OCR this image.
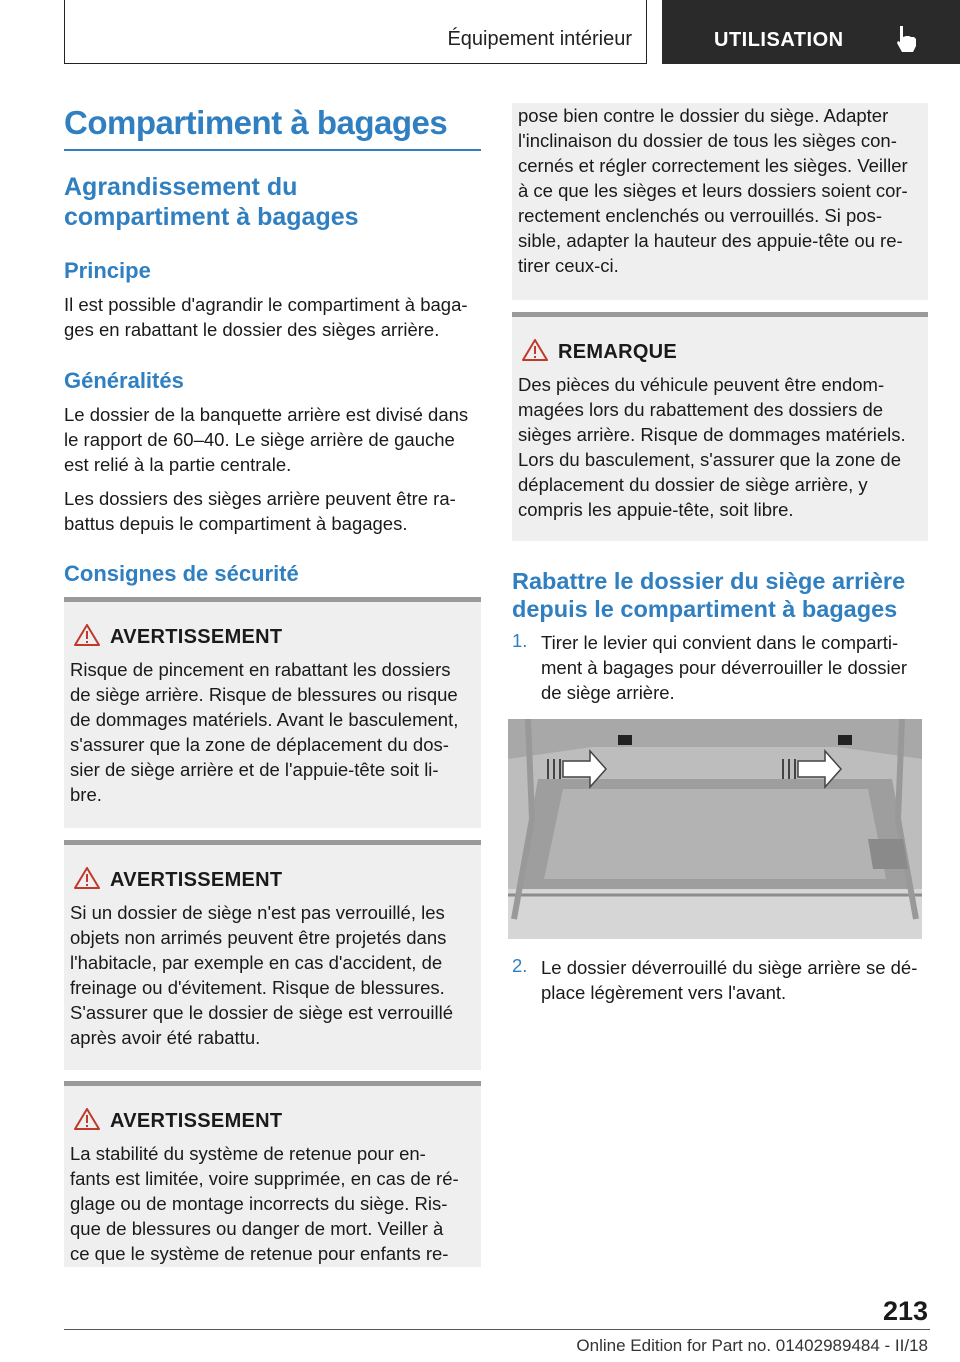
Équipement intérieur	UTILISATION
Compartiment à bagages
Agrandissement du
compartiment à bagages
Principe
Il est possible d'agrandir le compartiment à baga-
ges en rabattant le dossier des sièges arrière.
Généralités
Le dossier de la banquette arrière est divisé dans
le rapport de 60–40. Le siège arrière de gauche
est relié à la partie centrale.
Les dossiers des sièges arrière peuvent être ra-
battus depuis le compartiment à bagages.
Consignes de sécurité
AVERTISSEMENT
Risque de pincement en rabattant les dossiers
de siège arrière. Risque de blessures ou risque
de dommages matériels. Avant le basculement,
s'assurer que la zone de déplacement du dos-
sier de siège arrière et de l'appuie-tête soit li-
bre.
AVERTISSEMENT
Si un dossier de siège n'est pas verrouillé, les
objets non arrimés peuvent être projetés dans
l'habitacle, par exemple en cas d'accident, de
freinage ou d'évitement. Risque de blessures.
S'assurer que le dossier de siège est verrouillé
après avoir été rabattu.
AVERTISSEMENT
La stabilité du système de retenue pour en-
fants est limitée, voire supprimée, en cas de ré-
glage ou de montage incorrects du siège. Ris-
que de blessures ou danger de mort. Veiller à
ce que le système de retenue pour enfants re-
pose bien contre le dossier du siège. Adapter
l'inclinaison du dossier de tous les sièges con-
cernés et régler correctement les sièges. Veiller
à ce que les sièges et leurs dossiers soient cor-
rectement enclenchés ou verrouillés. Si pos-
sible, adapter la hauteur des appuie-tête ou re-
tirer ceux-ci.
REMARQUE
Des pièces du véhicule peuvent être endom-
magées lors du rabattement des dossiers de
sièges arrière. Risque de dommages matériels.
Lors du basculement, s'assurer que la zone de
déplacement du dossier de siège arrière, y
compris les appuie-tête, soit libre.
Rabattre le dossier du siège arrière
depuis le compartiment à bagages
1. Tirer le levier qui convient dans le comparti-
ment à bagages pour déverrouiller le dossier
de siège arrière.
2. Le dossier déverrouillé du siège arrière se dé-
place légèrement vers l'avant.
213
Online Edition for Part no. 01402989484 - II/18
